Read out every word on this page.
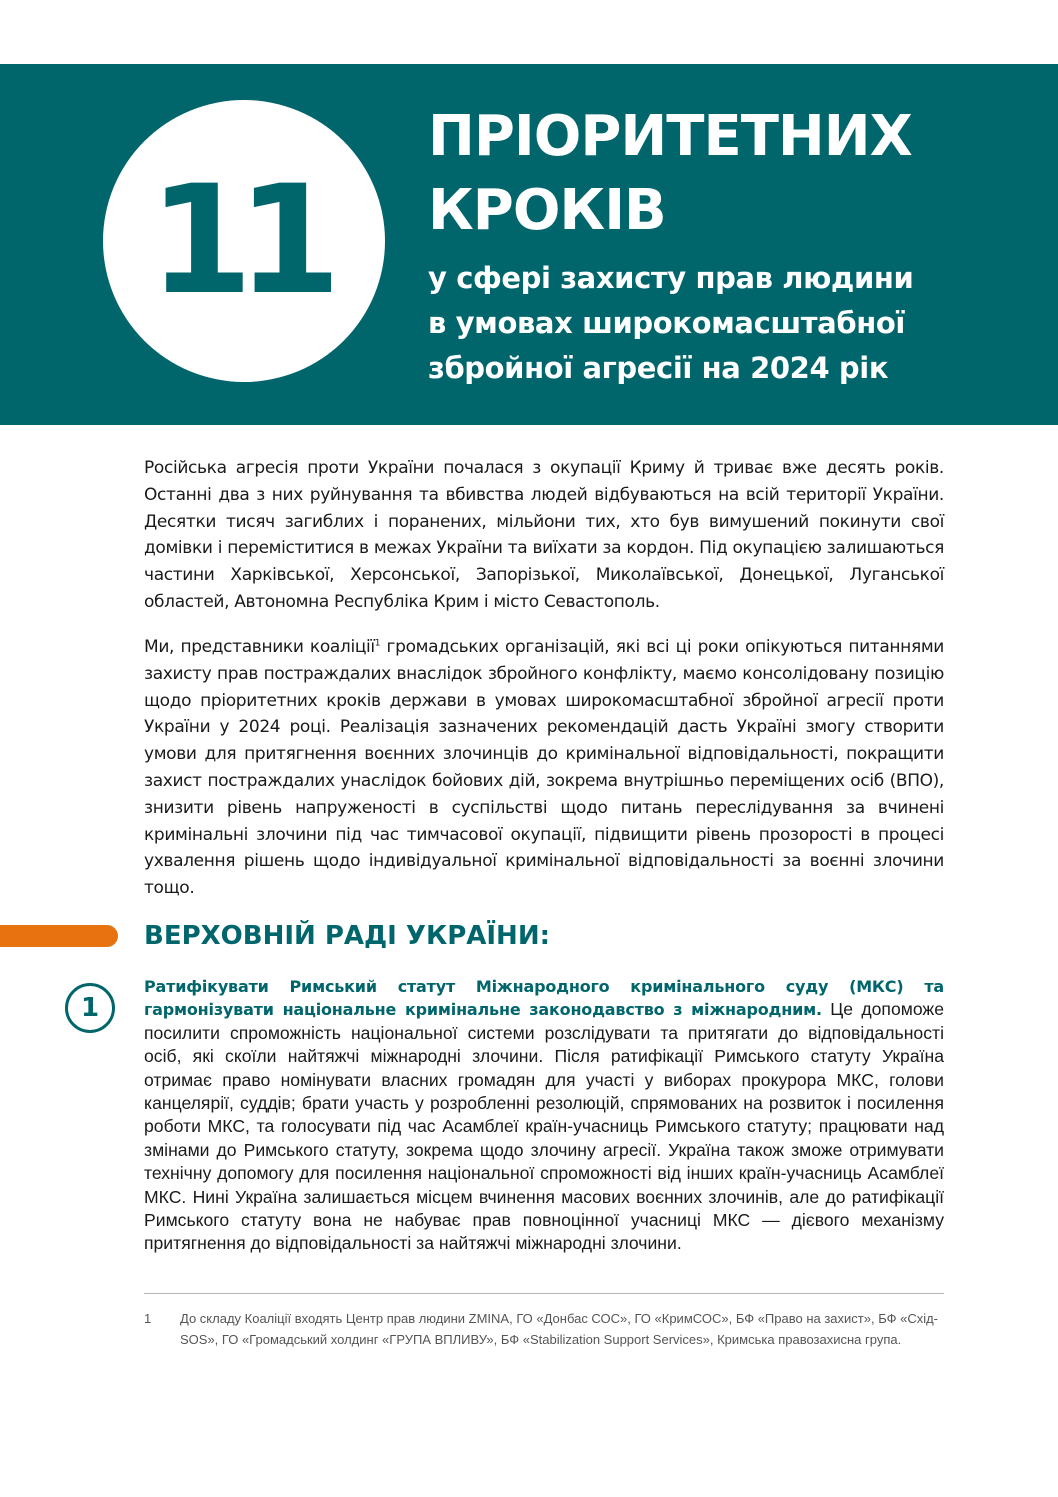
11
ПРІОРИТЕТНИХ
КРОКІВ
у сфері захисту прав людини
в умовах широкомасштабної
збройної агресії на 2024 рік

Російська агресія проти України почалася з окупації Криму й триває вже десять років. Останні два з них руйнування та вбивства людей відбуваються на всій території України. Десятки тисяч загиблих і поранених, мільйони тих, хто був вимушений покинути свої домівки і переміститися в межах України та виїхати за кордон. Під окупацією залишаються частини Харківської, Херсонської, Запорізької, Миколаївської, Донецької, Луганської областей, Автономна Республіка Крим і місто Севастополь.

Ми, представники коаліції$^1$ громадських організацій, які всі ці роки опікуються питаннями захисту прав постраждалих внаслідок збройного конфлікту, маємо консолідовану позицію щодо пріоритетних кроків держави в умовах широкомасштабної збройної агресії проти України у 2024 році. Реалізація зазначених рекомендацій дасть Україні змогу створити умови для притягнення воєнних злочинців до кримінальної відповідальності, покращити захист постраждалих унаслідок бойових дій, зокрема внутрішньо переміщених осіб (ВПО), знизити рівень напруженості в суспільстві щодо питань переслідування за вчинені кримінальні злочини під час тимчасової окупації, підвищити рівень прозорості в процесі ухвалення рішень щодо індивідуальної кримінальної відповідальності за воєнні злочини тощо.

ВЕРХОВНІЙ РАДІ УКРАЇНИ:
1

Ратифікувати Римський статут Міжнародного кримінального суду (МКС) та гармонізувати національне кримінальне законодавство з міжнародним. Це допоможе посилити спроможність національної системи розслідувати та притягати до відповідальності осіб, які скоїли найтяжчі міжнародні злочини. Після ратифікації Римського статуту Україна отримає право номінувати власних громадян для участі у виборах прокурора МКС, голови канцелярії, суддів; брати участь у розробленні резолюцій, спрямованих на розвиток і посилення роботи МКС, та голосувати під час Асамблеї країн-учасниць Римського статуту; працювати над змінами до Римського статуту, зокрема щодо злочину агресії. Україна також зможе отримувати технічну допомогу для посилення національної спроможності від інших країн-учасниць Асамблеї МКС. Нині Україна залишається місцем вчинення масових воєнних злочинів, але до ратифікації Римського статуту вона не набуває прав повноцінної учасниці МКС — дієвого механізму притягнення до відповідальності за найтяжчі міжнародні злочини.

1 До складу Коаліції входять Центр прав людини ZMINA, ГО «Донбас СОС», ГО «КримСОС», БФ «Право на захист», БФ «Схід-SOS», ГО «Громадський холдинг «ГРУПА ВПЛИВУ», БФ «Stabilization Support Services», Кримська правозахисна група.
